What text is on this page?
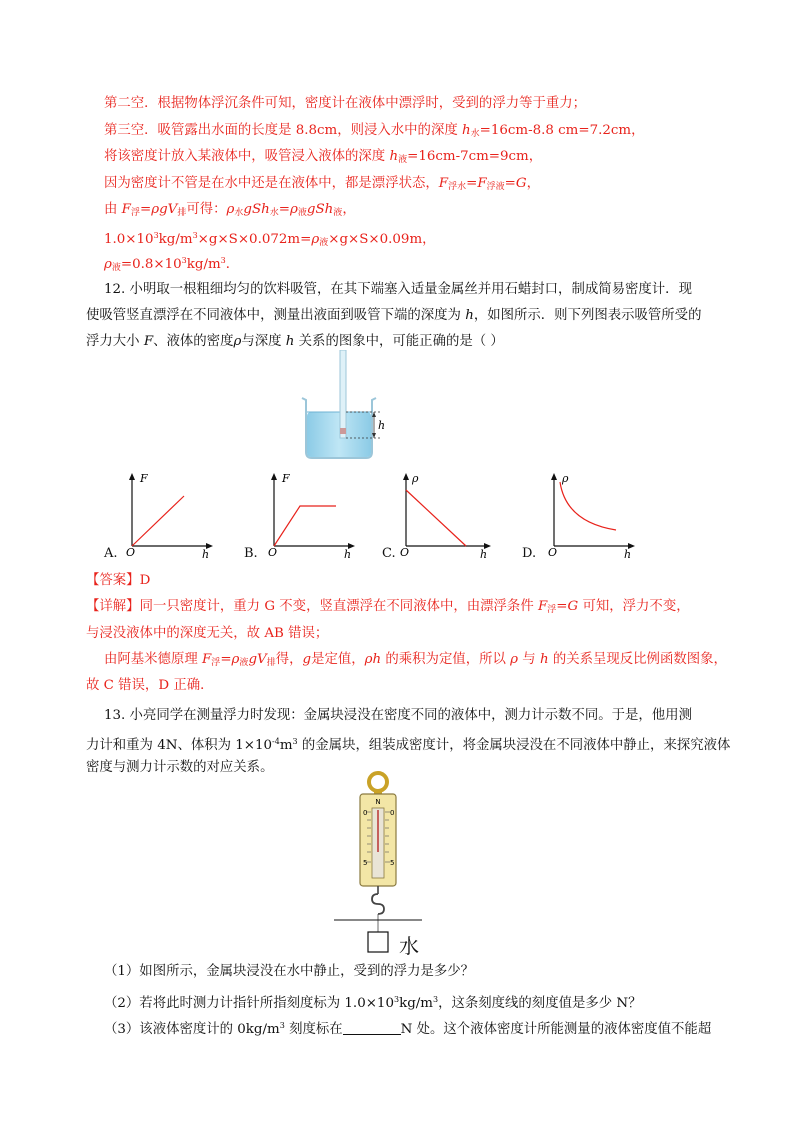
第二空．根据物体浮沉条件可知，密度计在液体中漂浮时，受到的浮力等于重力；
第三空．吸管露出水面的长度是 8.8cm，则浸入水中的深度 $h_水=16cm-8.8$ cm=7.2cm，
将该密度计放入某液体中，吸管浸入液体的深度 $h_液=16cm-7cm=9cm$，
因为密度计不管是在水中还是在液体中，都是漂浮状态，$F_{浮水}=F_{浮液}=G$，
由 $F_浮=\rho gV_排$可得：$\rho_水gSh_水=\rho_液gSh_液$，
$1.0\times 10^3kg/m^3\times g\times S\times 0.072m=\rho_液\times g\times S\times 0.09m$，
$\rho_液=0.8\times 10^3kg/m^3$．
12. 小明取一根粗细均匀的饮料吸管，在其下端塞入适量金属丝并用石蜡封口，制成简易密度计．现
使吸管竖直漂浮在不同液体中，测量出液面到吸管下端的深度为 h，如图所示．则下列图表示吸管所受的
浮力大小 F、液体的密度ρ与深度 h 关系的图象中，可能正确的是（ ）
h
F
h
O
A.
F
h
O
B.
ρ
h
O
C.
ρ
h
O
D.
【答案】D
【详解】同一只密度计，重力 G 不变，竖直漂浮在不同液体中，由漂浮条件 $F_浮=G$ 可知，浮力不变，
与浸没液体中的深度无关，故 AB 错误；
由阿基米德原理 $F_浮=\rho_液gV_排$得，g是定值，ρh 的乘积为定值，所以 ρ 与 h 的关系呈现反比例函数图象，
故 C 错误，D 正确．
13. 小亮同学在测量浮力时发现：金属块浸没在密度不同的液体中，测力计示数不同。于是，他用测
力计和重为 4N、体积为 $1\times 10^{-4}m^3$ 的金属块，组装成密度计，将金属块浸没在不同液体中静止，来探究液体
密度与测力计示数的对应关系。
N
0	0
5	5
水
（1）如图所示，金属块浸没在水中静止，受到的浮力是多少？
（2）若将此时测力计指针所指刻度标为 $1.0\times 10^3kg/m^3$，这条刻度线的刻度值是多少 N？
（3）该液体密度计的 $0kg/m^3$ 刻度标在	N 处。这个液体密度计所能测量的液体密度值不能超
